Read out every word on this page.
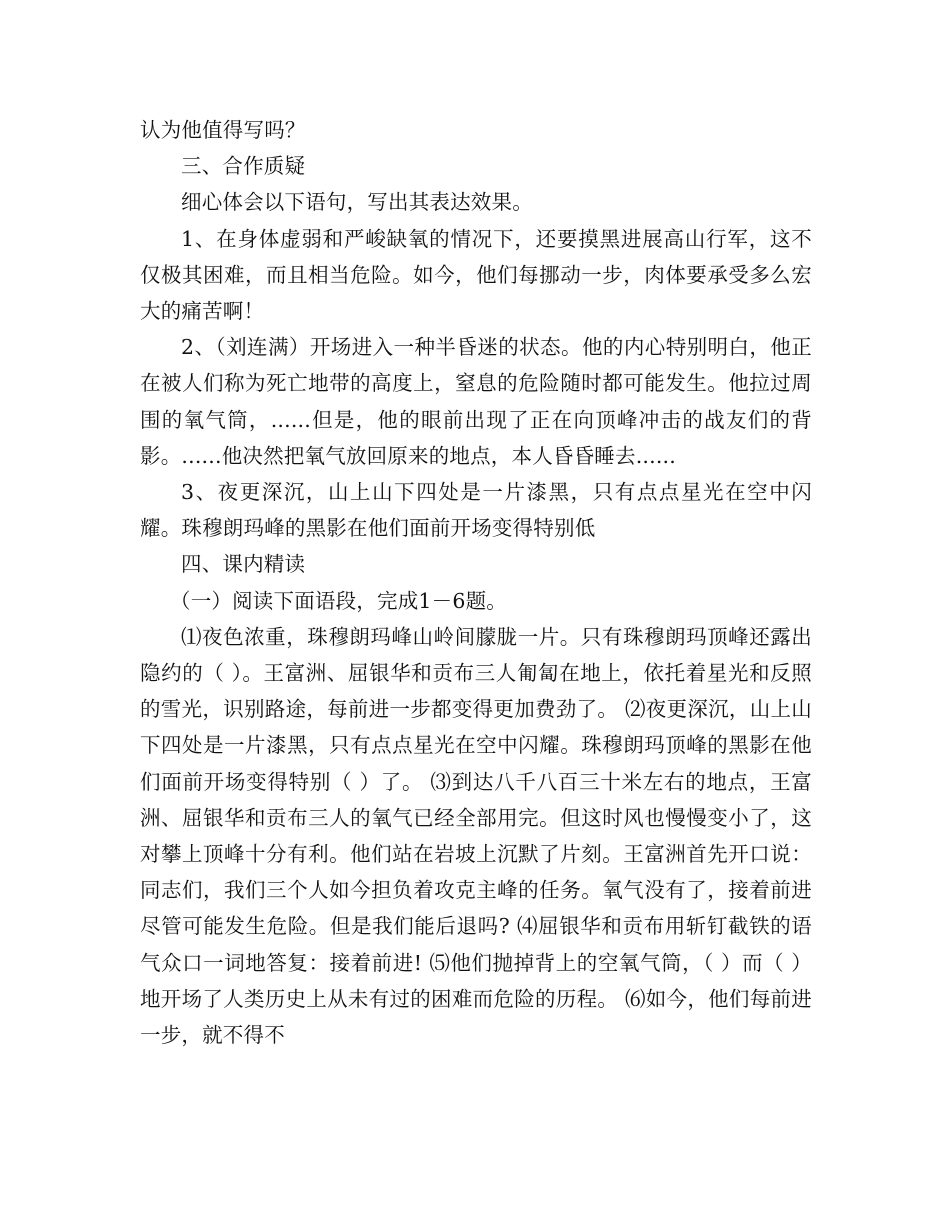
认为他值得写吗？

三、合作质疑

细心体会以下语句，写出其表达效果。

1、在身体虚弱和严峻缺氧的情况下，还要摸黑进展高山行军，这不仅极其困难，而且相当危险。如今，他们每挪动一步，肉体要承受多么宏大的痛苦啊！

2、（刘连满）开场进入一种半昏迷的状态。他的内心特别明白，他正在被人们称为死亡地带的高度上，窒息的危险随时都可能发生。他拉过周围的氧气筒，......但是，他的眼前出现了正在向顶峰冲击的战友们的背影。......他决然把氧气放回原来的地点，本人昏昏睡去......

3、夜更深沉，山上山下四处是一片漆黑，只有点点星光在空中闪耀。珠穆朗玛峰的黑影在他们面前开场变得特别低

四、课内精读

（一）阅读下面语段，完成1－6题。

⑴夜色浓重，珠穆朗玛峰山岭间朦胧一片。只有珠穆朗玛顶峰还露出隐约的（ ）。王富洲、屈银华和贡布三人匍匐在地上，依托着星光和反照的雪光，识别路途，每前进一步都变得更加费劲了。 ⑵夜更深沉，山上山下四处是一片漆黑，只有点点星光在空中闪耀。珠穆朗玛顶峰的黑影在他们面前开场变得特别（ ）了。 ⑶到达八千八百三十米左右的地点，王富洲、屈银华和贡布三人的氧气已经全部用完。但这时风也慢慢变小了，这对攀上顶峰十分有利。他们站在岩坡上沉默了片刻。王富洲首先开口说：同志们，我们三个人如今担负着攻克主峰的任务。氧气没有了，接着前进尽管可能发生危险。但是我们能后退吗? ⑷屈银华和贡布用斩钉截铁的语气众口一词地答复：接着前进! ⑸他们抛掉背上的空氧气筒，（ ）而（ ）地开场了人类历史上从未有过的困难而危险的历程。 ⑹如今，他们每前进一步，就不得不
